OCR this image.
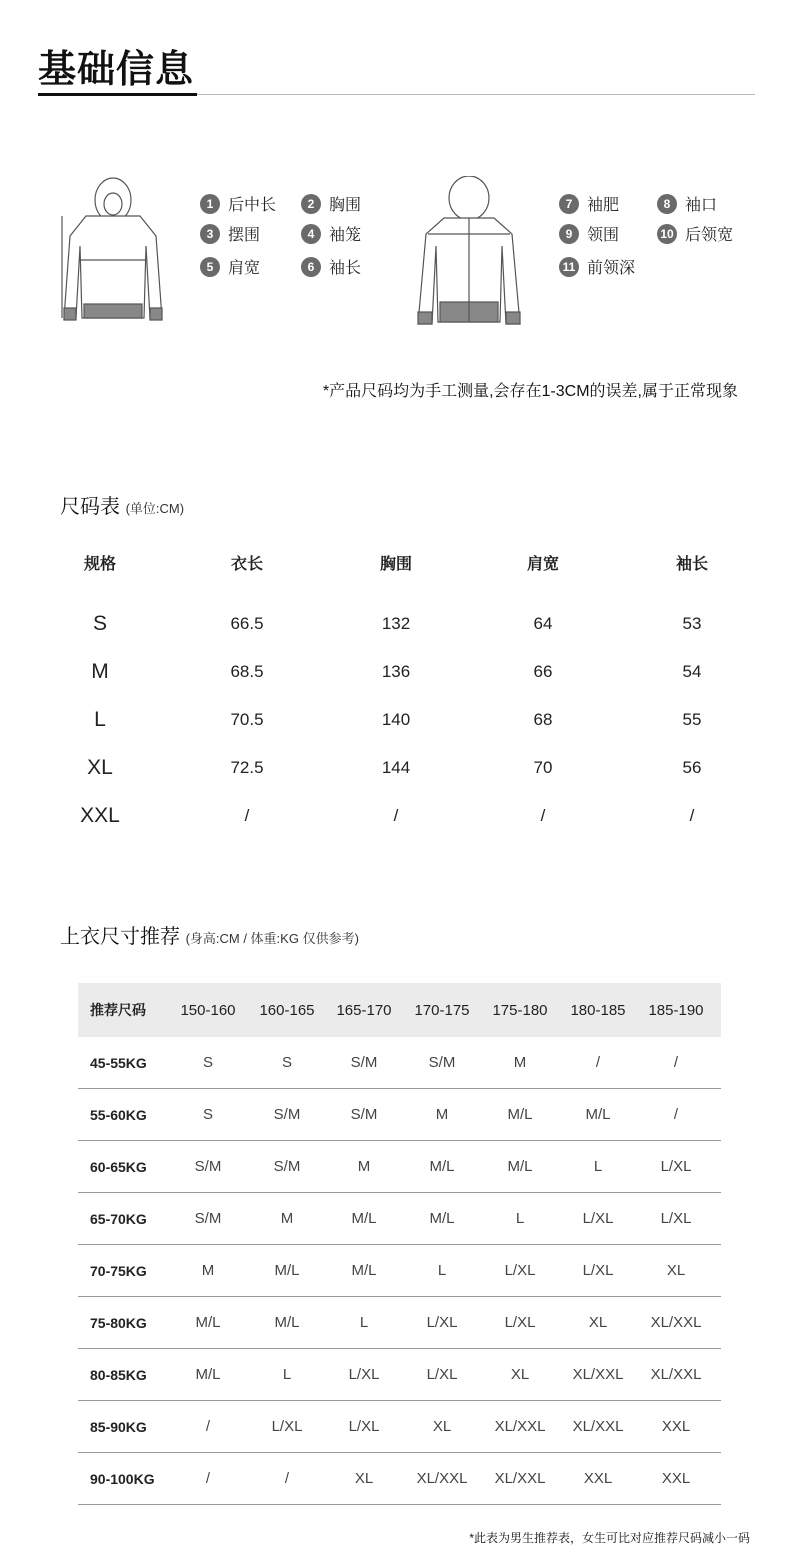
基础信息
1 后中长	2 胸围
3 摆围	4 袖笼
5 肩宽	6 袖长
7 袖肥	8 袖口
9 领围	10 后领宽
11 前领深
*产品尺码均为手工测量,会存在1-3CM的误差,属于正常现象
尺码表 (单位:CM)
规格	衣长	胸围	肩宽	袖长
S	66.5	132	64	53
M	68.5	136	66	54
L	70.5	140	68	55
XL	72.5	144	70	56
XXL	/	/	/	/
上衣尺寸推荐 (身高:CM / 体重:KG 仅供参考)
推荐尺码	150-160	160-165	165-170	170-175	175-180	180-185	185-190
45-55KG	S	S	S/M	S/M	M	/	/
55-60KG	S	S/M	S/M	M	M/L	M/L	/
60-65KG	S/M	S/M	M	M/L	M/L	L	L/XL
65-70KG	S/M	M	M/L	M/L	L	L/XL	L/XL
70-75KG	M	M/L	M/L	L	L/XL	L/XL	XL
75-80KG	M/L	M/L	L	L/XL	L/XL	XL	XL/XXL
80-85KG	M/L	L	L/XL	L/XL	XL	XL/XXL	XL/XXL
85-90KG	/	L/XL	L/XL	XL	XL/XXL	XL/XXL	XXL
90-100KG	/	/	XL	XL/XXL	XL/XXL	XXL	XXL
*此表为男生推荐表，女生可比对应推荐尺码减小一码
